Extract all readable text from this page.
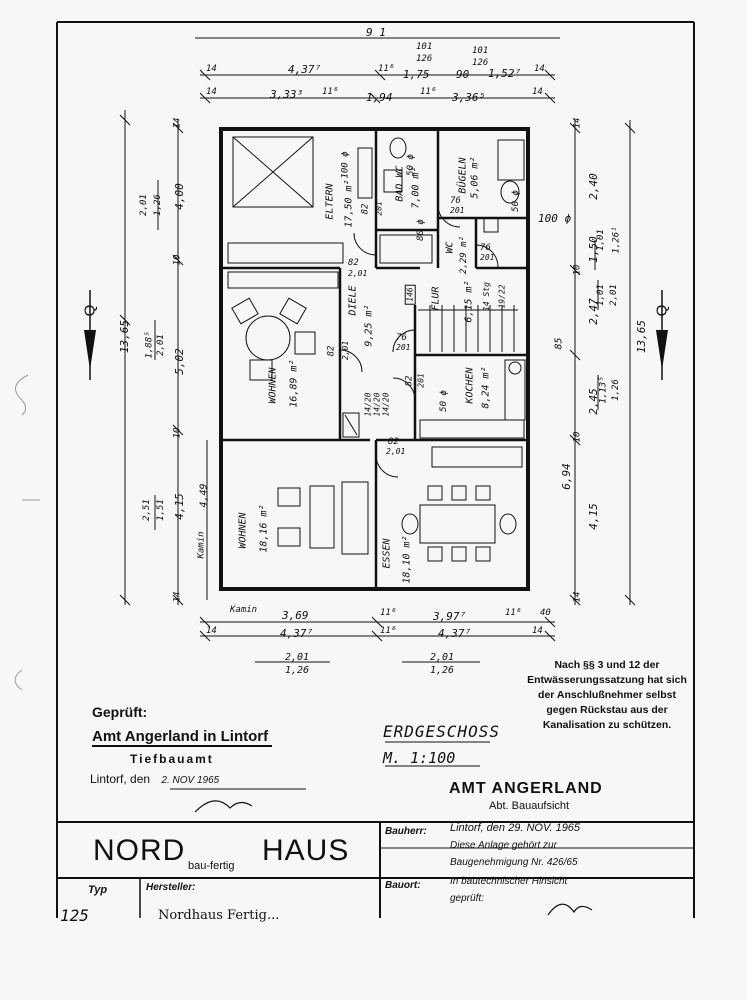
9 1
101
126
101
126
14	4,37⁷	11⁶ 1,75 90 1,52⁷ 14
14	3,33³ 11⁶	1,94	11⁶ 3,36⁵	14
13,65
4,00
2,01 1,26
5,02
1,88⁵ 2,01
4,15
2,51 1,51
4,49
Kamin
14
10
10
14
13,65
2,40
1,50
2,47
2,45
6,94
4,15
1,01 1,26¹
1,01 2,01
1,13⁵ 1,26
85
14
14
10
10
100 ϕ
Kamin 3,69	11⁶	3,97⁷	11⁶ 40
14	4,37⁷	11⁶	4,37⁷	14
2,01
1,26
2,01
1,26
Q	Q
ELTERN 17,50 m²	BAD WC 7,00 m²	BÜGELN 5,06 m²
WC 2,29 m²
DIELE
9,25 m²
FLUR 6,15 m² 14 Stg 19/22
146
WOHNEN 16,89 m²
WOHNEN 18,16 m²
KOCHEN 8,24 m²
ESSEN 18,10 m²
82 201
82
2,01
76
201
76
201
82 2,01
76
201
82 201
82
2,01
100 ϕ	50 ϕ
50 ϕ
50 ϕ
80 ϕ
14/20 14/20 14/20
Nach §§ 3 und 12 der Entwässerungssatzung hat sich der Anschlußnehmer selbst gegen Rückstau aus der Kanalisation zu schützen.
Geprüft:
Amt Angerland in Lintorf
Tiefbauamt
Lintorf, den 2. NOV 1965
ERDGESCHOSS
M. 1:100
AMT ANGERLAND
Abt. Bauaufsicht
NORD bau-fertig HAUS
Bauherr: Lintorf, den 29. NOV. 1965
Diese Anlage gehört zur
Baugenehmigung Nr. 426/65
Bauort:	In bautechnischer Hinsicht
geprüft:
Typ
125
Hersteller:
Nordhaus Fertig...
